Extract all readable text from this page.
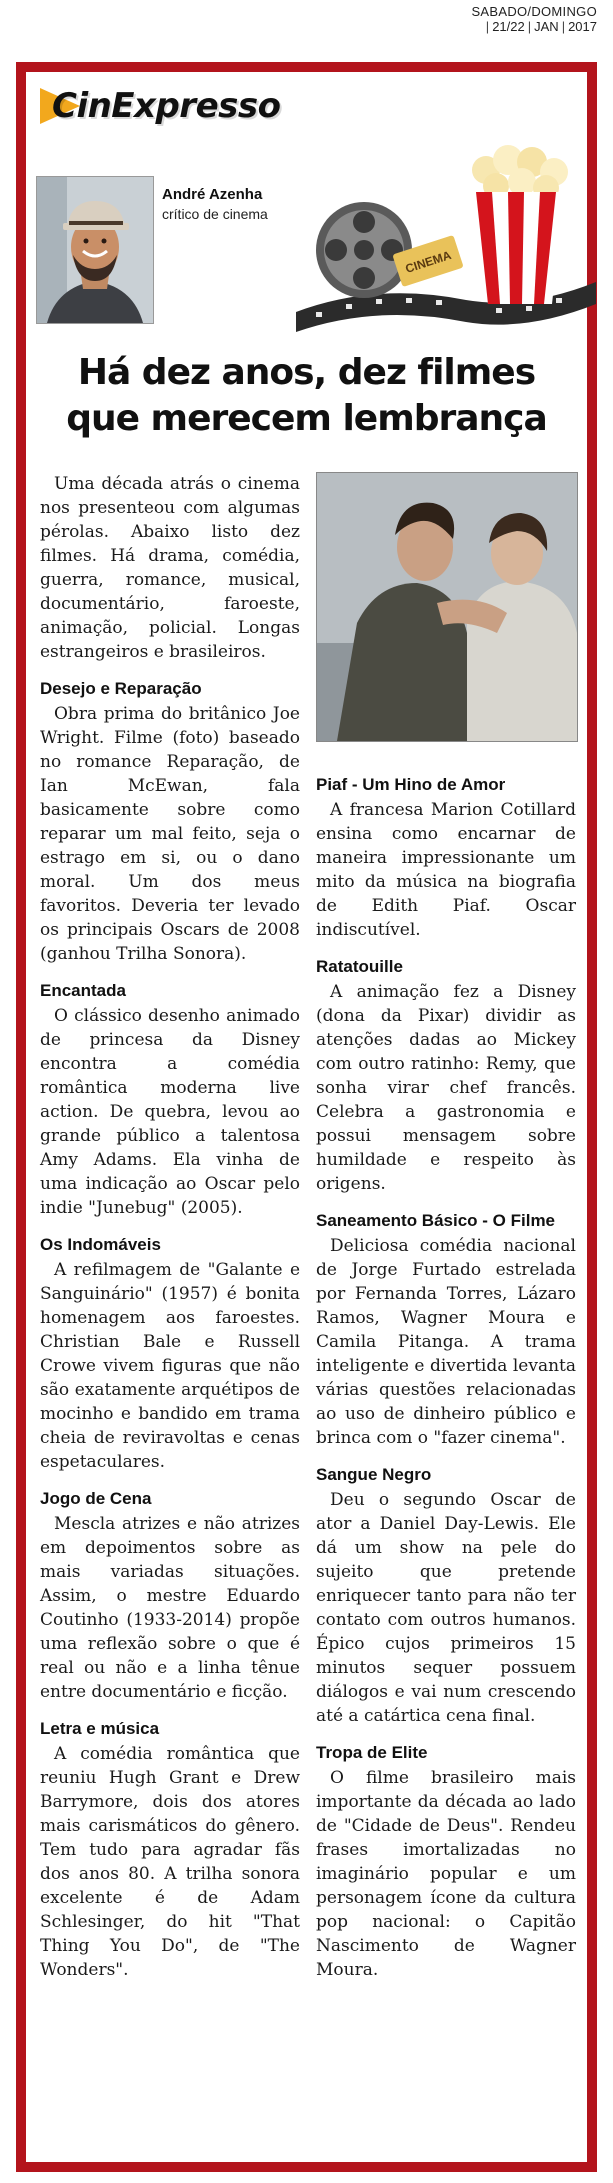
SABADO/DOMINGO
| 21/22 | JAN | 2017
CinExpresso
André Azenha
crítico de cinema
CINEMA
Há dez anos, dez filmes que merecem lembrança

Uma década atrás o cinema nos presenteou com algumas pérolas. Abaixo listo dez filmes. Há drama, comédia, guerra, romance, musical, documentário, faroeste, animação, policial. Longas estrangeiros e brasileiros.

Desejo e Reparação

Obra prima do britânico Joe Wright. Filme (foto) baseado no romance Reparação, de Ian McEwan, fala basicamente sobre como reparar um mal feito, seja o estrago em si, ou o dano moral. Um dos meus favoritos. Deveria ter levado os principais Oscars de 2008 (ganhou Trilha Sonora).

Encantada

O clássico desenho animado de princesa da Disney encontra a comédia romântica moderna live action. De quebra, levou ao grande público a talentosa Amy Adams. Ela vinha de uma indicação ao Oscar pelo indie "Junebug" (2005).

Os Indomáveis

A refilmagem de "Galante e Sanguinário" (1957) é bonita homenagem aos faroestes. Christian Bale e Russell Crowe vivem figuras que não são exatamente arquétipos de mocinho e bandido em trama cheia de reviravoltas e cenas espetaculares.

Jogo de Cena

Mescla atrizes e não atrizes em depoimentos sobre as mais variadas situações. Assim, o mestre Eduardo Coutinho (1933-2014) propõe uma reflexão sobre o que é real ou não e a linha tênue entre documentário e ficção.

Letra e música

A comédia romântica que reuniu Hugh Grant e Drew Barrymore, dois dos atores mais carismáticos do gênero. Tem tudo para agradar fãs dos anos 80. A trilha sonora excelente é de Adam Schlesinger, do hit "That Thing You Do", de "The Wonders".

Piaf - Um Hino de Amor

A francesa Marion Cotillard ensina como encarnar de maneira impressionante um mito da música na biografia de Edith Piaf. Oscar indiscutível.

Ratatouille

A animação fez a Disney (dona da Pixar) dividir as atenções dadas ao Mickey com outro ratinho: Remy, que sonha virar chef francês. Celebra a gastronomia e possui mensagem sobre humildade e respeito às origens.

Saneamento Básico - O Filme

Deliciosa comédia nacional de Jorge Furtado estrelada por Fernanda Torres, Lázaro Ramos, Wagner Moura e Camila Pitanga. A trama inteligente e divertida levanta várias questões relacionadas ao uso de dinheiro público e brinca com o "fazer cinema".

Sangue Negro

Deu o segundo Oscar de ator a Daniel Day-Lewis. Ele dá um show na pele do sujeito que pretende enriquecer tanto para não ter contato com outros humanos. Épico cujos primeiros 15 minutos sequer possuem diálogos e vai num crescendo até a catártica cena final.

Tropa de Elite

O filme brasileiro mais importante da década ao lado de "Cidade de Deus". Rendeu frases imortalizadas no imaginário popular e um personagem ícone da cultura pop nacional: o Capitão Nascimento de Wagner Moura.
